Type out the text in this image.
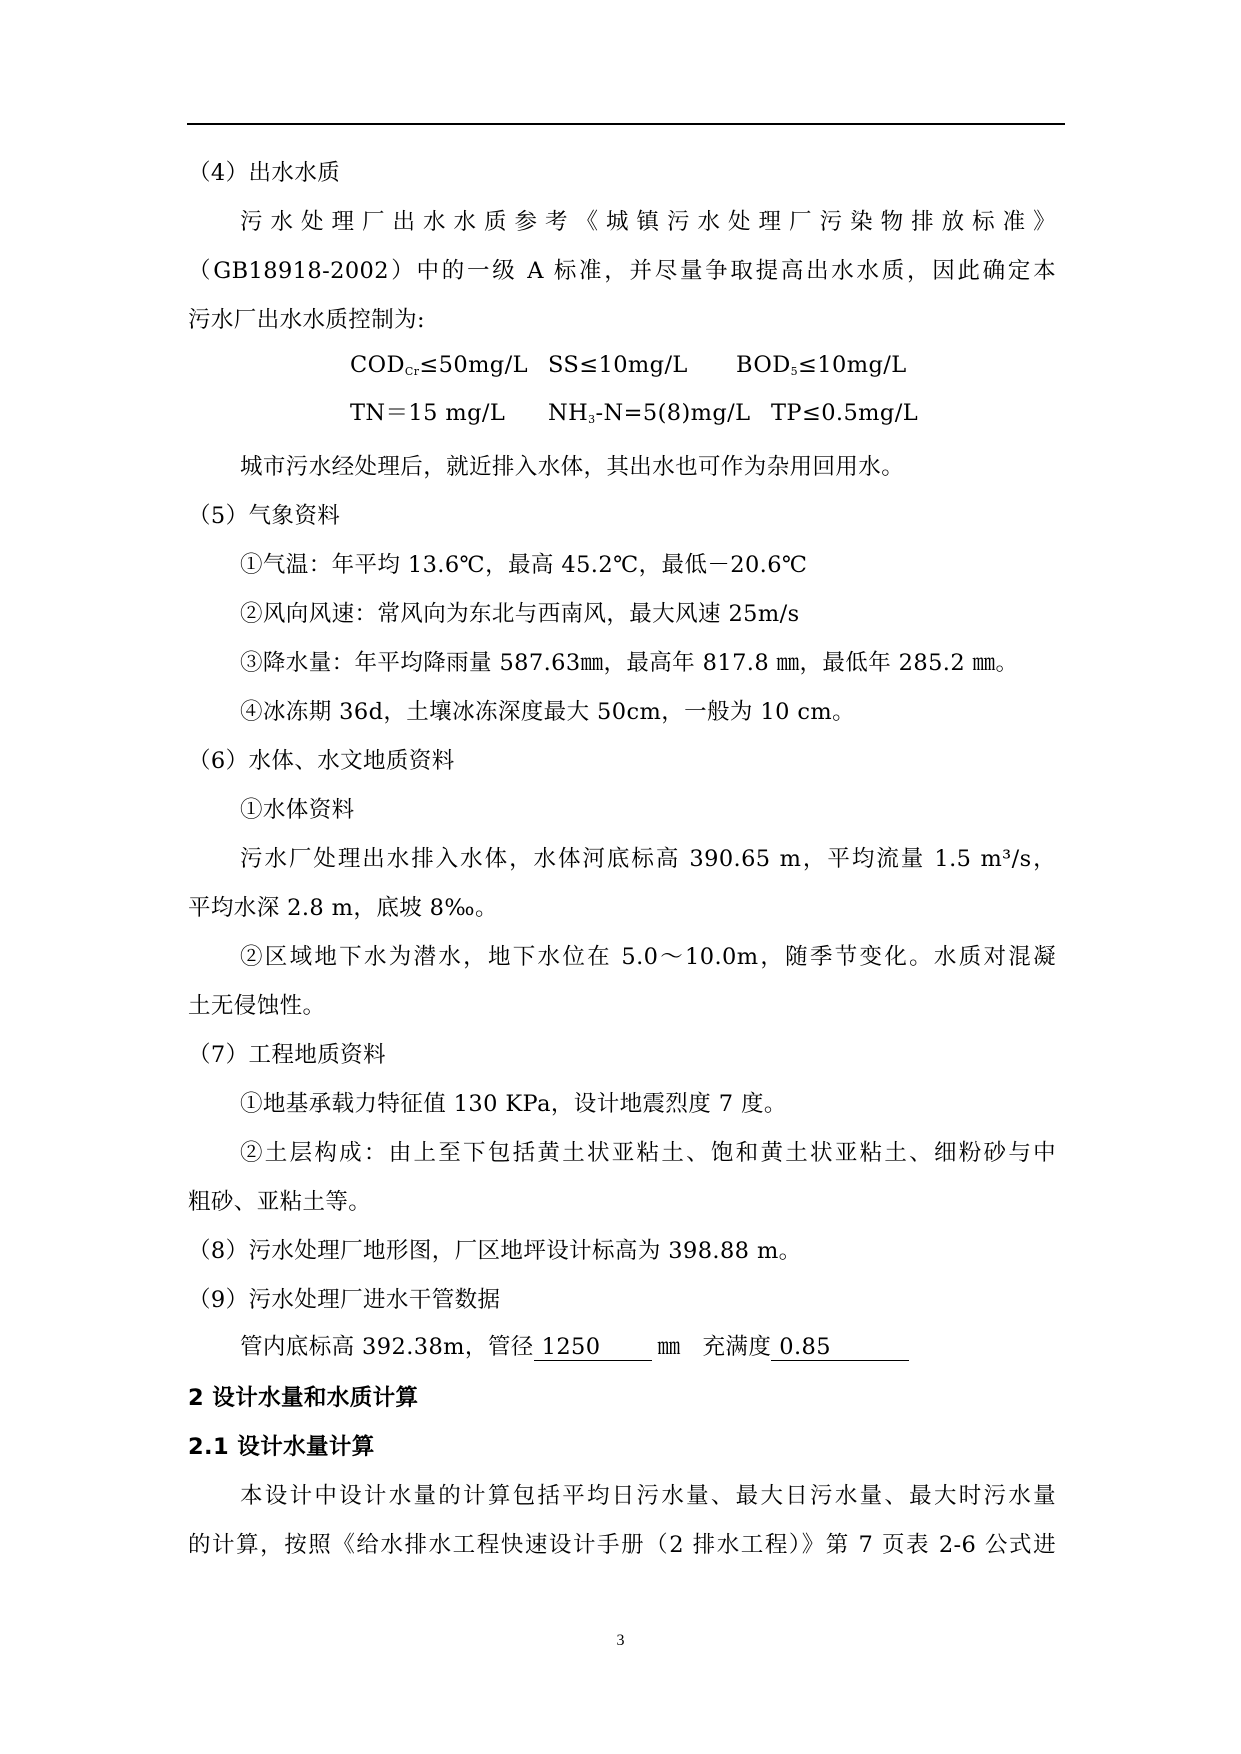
（4）出水水质
污水处理厂出水水质参考《城镇污水处理厂污染物排放标准》
（GB18918-2002）中的一级 A 标准，并尽量争取提高出水水质，因此确定本
污水厂出水水质控制为:
$COD_{Cr}\le 50mg/L$ SS≤10mg/L $BOD_5\le 10mg/L$
TN＝15 mg/L $NH_3-N=5(8)mg/L$ TP≤0.5mg/L
城市污水经处理后，就近排入水体，其出水也可作为杂用回用水。
（5）气象资料
①气温：年平均 13.6℃，最高 45.2℃，最低－20.6℃
②风向风速：常风向为东北与西南风，最大风速 25m/s
③降水量：年平均降雨量 587.63㎜，最高年 817.8 ㎜，最低年 285.2 ㎜。
④冰冻期 36d，土壤冰冻深度最大 50cm，一般为 10 cm。
（6）水体、水文地质资料
①水体资料
污水厂处理出水排入水体，水体河底标高 390.65 m，平均流量 1.5 m³/s，
平均水深 2.8 m，底坡 8‰。
②区域地下水为潜水，地下水位在 5.0～10.0m，随季节变化。水质对混凝
土无侵蚀性。
（7）工程地质资料
①地基承载力特征值 130 KPa，设计地震烈度 7 度。
②土层构成：由上至下包括黄土状亚粘土、饱和黄土状亚粘土、细粉砂与中
粗砂、亚粘土等。
（8）污水处理厂地形图，厂区地坪设计标高为 398.88 m。
（9）污水处理厂进水干管数据
管内底标高 392.38m，管径 1250	㎜ 充满度 0.85
2 设计水量和水质计算
2.1 设计水量计算
本设计中设计水量的计算包括平均日污水量、最大日污水量、最大时污水量
的计算，按照《给水排水工程快速设计手册（2 排水工程）》第 7 页表 2-6 公式进
3
